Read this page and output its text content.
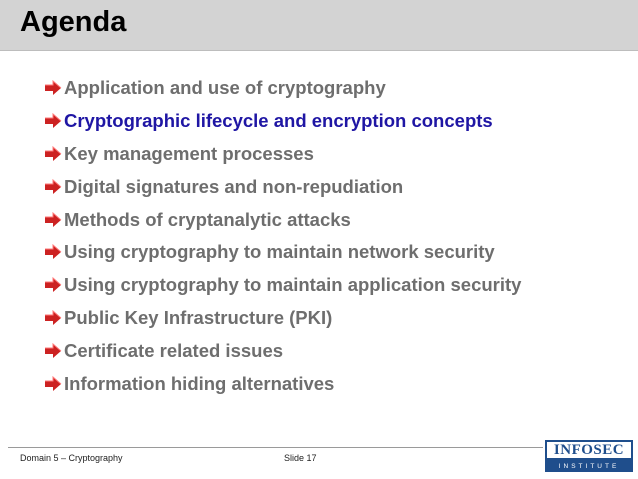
Agenda
Application and use of cryptography
Cryptographic lifecycle and encryption concepts
Key management processes
Digital signatures and non-repudiation
Methods of cryptanalytic attacks
Using cryptography to maintain network security
Using cryptography to maintain application security
Public Key Infrastructure (PKI)
Certificate related issues
Information hiding alternatives
Domain 5 – Cryptography	Slide 17
INFOSEC
INSTITUTE
